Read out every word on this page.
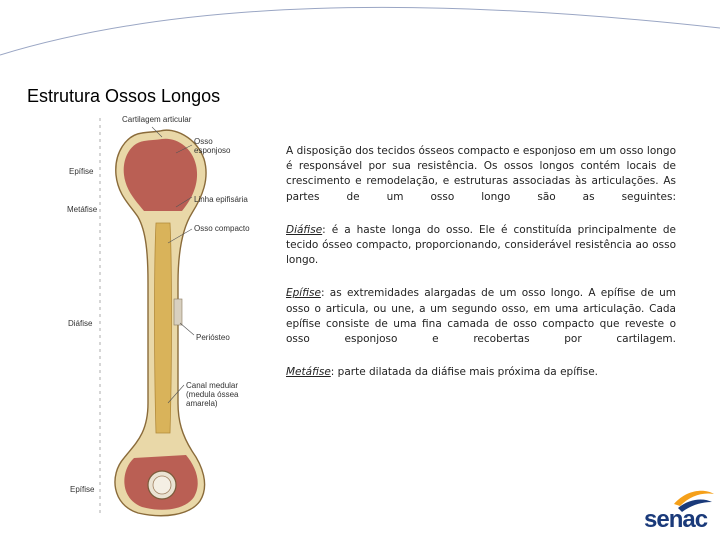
Estrutura Ossos Longos
Cartilagem articular
Osso esponjoso
Epífise
Linha epifisária
Metáfise
Osso compacto
Diáfise
Periósteo
Canal medular (medula óssea amarela)
Epífise

A disposição dos tecidos ósseos compacto e esponjoso em um osso longo é responsável por sua resistência. Os ossos longos contém locais de crescimento e remodelação, e estruturas associadas às articulações. As partes de um osso longo são as seguintes:

Diáfise: é a haste longa do osso. Ele é constituída principalmente de tecido ósseo compacto, proporcionando, considerável resistência ao osso longo.

Epífise: as extremidades alargadas de um osso longo. A epífise de um osso o articula, ou une, a um segundo osso, em uma articulação. Cada epífise consiste de uma fina camada de osso compacto que reveste o osso esponjoso e recobertas por cartilagem.

Metáfise: parte dilatada da diáfise mais próxima da epífise.

senac
